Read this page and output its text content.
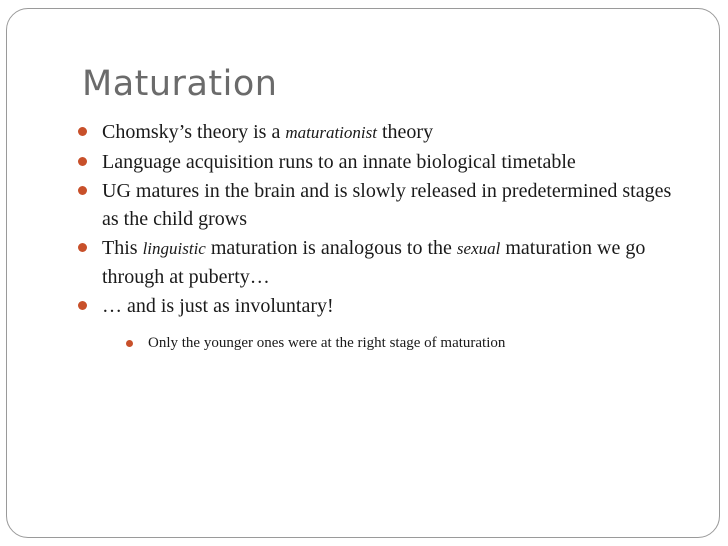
Maturation
Chomsky’s theory is a maturationist theory
Language acquisition runs to an innate biological timetable
UG matures in the brain and is slowly released in predetermined stages as the child grows
This linguistic maturation is analogous to the sexual maturation we go through at puberty…
… and is just as involuntary!
Only the younger ones were at the right stage of maturation
